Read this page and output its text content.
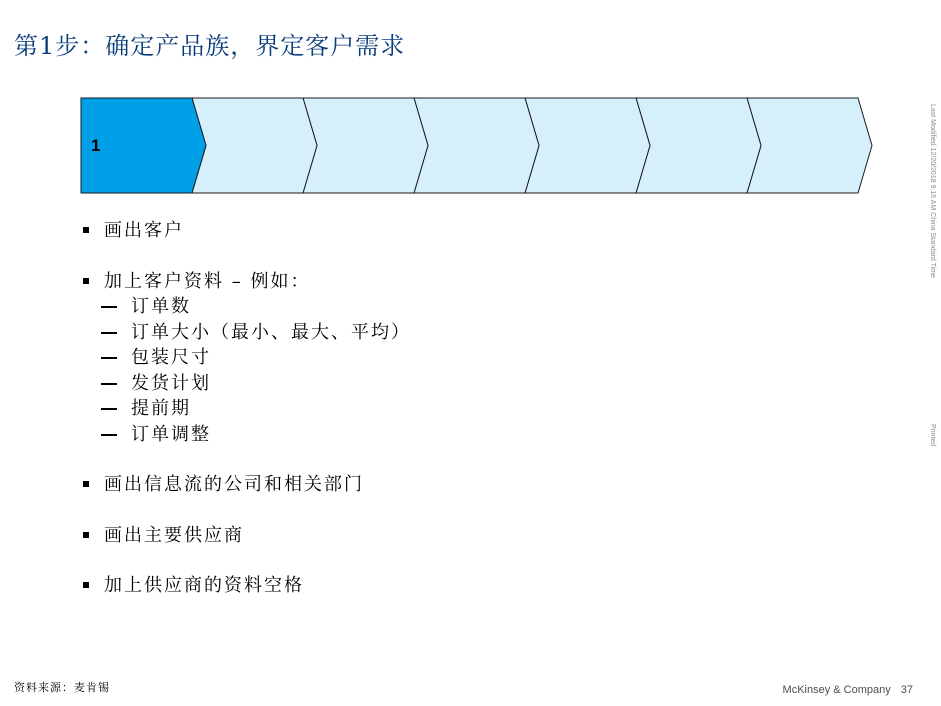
第1步：确定产品族，界定客户需求
1
画出客户
加上客户资料 – 例如：
订单数
订单大小（最小、最大、平均）
包装尺寸
发货计划
提前期
订单调整
画出信息流的公司和相关部门
画出主要供应商
加上供应商的资料空格
Last Modified 12/20/2018 9:16 AM China Standard Time
Printed
资料来源：麦肯锡	McKinsey & Company 37
